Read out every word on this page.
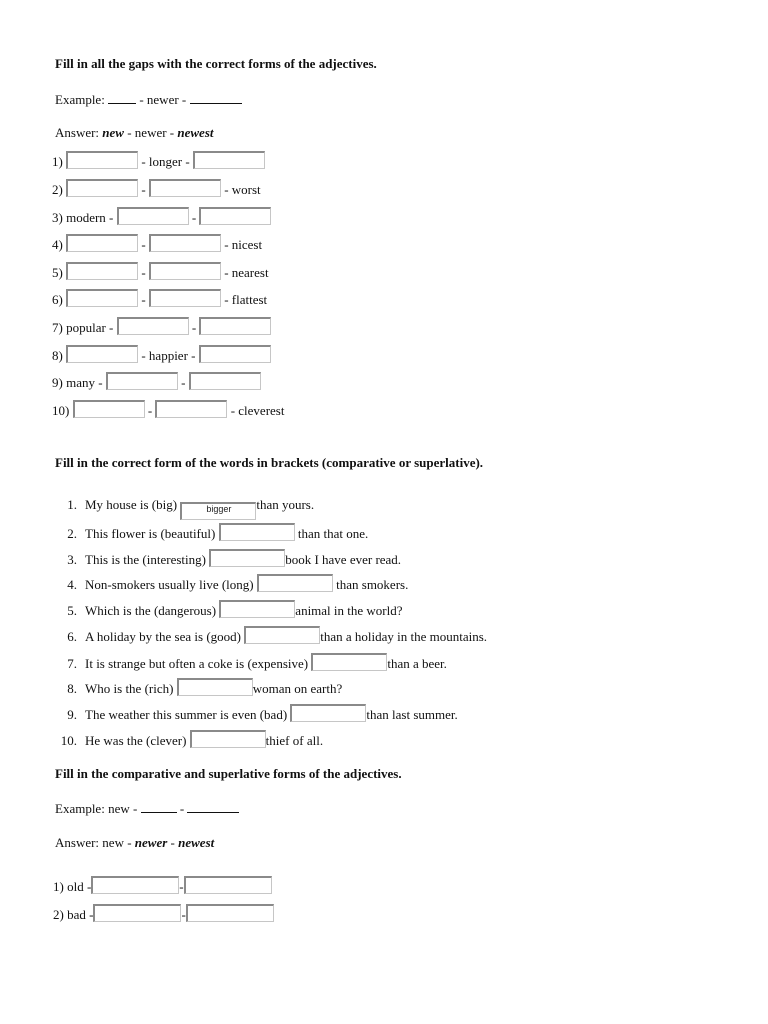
Fill in all the gaps with the correct forms of the adjectives.
Example:	- newer -
Answer: new - newer - newest
1)	- longer -
2)	-	- worst
3) modern -	-
4)	-	- nicest
5)	-	- nearest
6)	-	- flattest
7) popular -	-
8)	- happier -
9) many -	-
10)	-	- cleverest
Fill in the correct form of the words in brackets (comparative or superlative).
1. My house is (big)	bigger than yours.
2. This flower is (beautiful)	than that one.
3. This is the (interesting)	book I have ever read.
4. Non-smokers usually live (long)	than smokers.
5. Which is the (dangerous)	animal in the world?
6. A holiday by the sea is (good)	than a holiday in the mountains.
7. It is strange but often a coke is (expensive)	than a beer.
8. Who is the (rich)	woman on earth?
9. The weather this summer is even (bad)	than last summer.
10. He was the (clever)	thief of all.
Fill in the comparative and superlative forms of the adjectives.
Example: new -	-
Answer: new - newer - newest
1) old -	-
2) bad -	-
